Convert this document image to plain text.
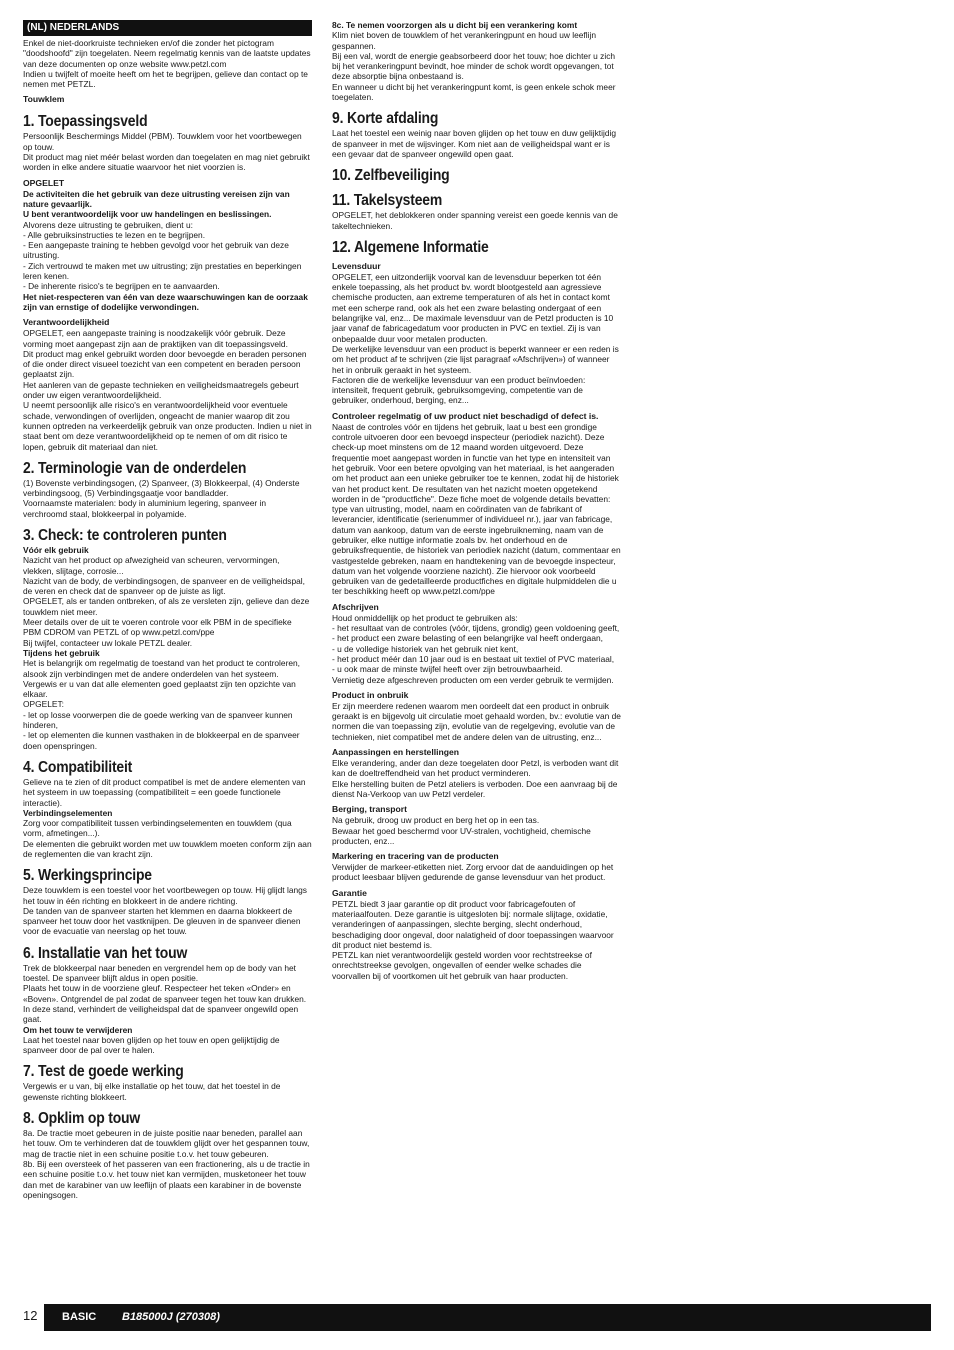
(NL) NEDERLANDS

Enkel de niet-doorkruiste technieken en/of die zonder het pictogram "doodshoofd" zijn toegelaten. Neem regelmatig kennis van de laatste updates van deze documenten op onze website www.petzl.com

Indien u twijfelt of moeite heeft om het te begrijpen, gelieve dan contact op te nemen met PETZL.

Touwklem

1. Toepassingsveld

Persoonlijk Beschermings Middel (PBM). Touwklem voor het voortbewegen op touw.

Dit product mag niet méér belast worden dan toegelaten en mag niet gebruikt worden in elke andere situatie waarvoor het niet voorzien is.

OPGELET

De activiteiten die het gebruik van deze uitrusting vereisen zijn van nature gevaarlijk.

U bent verantwoordelijk voor uw handelingen en beslissingen.

Alvorens deze uitrusting te gebruiken, dient u:

- Alle gebruiksinstructies te lezen en te begrijpen.

- Een aangepaste training te hebben gevolgd voor het gebruik van deze uitrusting.

- Zich vertrouwd te maken met uw uitrusting; zijn prestaties en beperkingen leren kenen.

- De inherente risico's te begrijpen en te aanvaarden.

Het niet-respecteren van één van deze waarschuwingen kan de oorzaak zijn van ernstige of dodelijke verwondingen.

Verantwoordelijkheid

OPGELET, een aangepaste training is noodzakelijk vóór gebruik. Deze vorming moet aangepast zijn aan de praktijken van dit toepassingsveld.

Dit product mag enkel gebruikt worden door bevoegde en beraden personen of die onder direct visueel toezicht van een competent en beraden persoon geplaatst zijn.

Het aanleren van de gepaste technieken en veiligheidsmaatregels gebeurt onder uw eigen verantwoordelijkheid.

U neemt persoonlijk alle risico's en verantwoordelijkheid voor eventuele schade, verwondingen of overlijden, ongeacht de manier waarop dit zou kunnen optreden na verkeerdelijk gebruik van onze producten. Indien u niet in staat bent om deze verantwoordelijkheid op te nemen of om dit risico te lopen, gebruik dit materiaal dan niet.

2. Terminologie van de onderdelen

(1) Bovenste verbindingsogen, (2) Spanveer, (3) Blokkeerpal, (4) Onderste verbindingsoog, (5) Verbindingsgaatje voor bandladder.

Voornaamste materialen: body in aluminium legering, spanveer in verchroomd staal, blokkeerpal in polyamide.

3. Check: te controleren punten

Vóór elk gebruik

Nazicht van het product op afwezigheid van scheuren, vervormingen, vlekken, slijtage, corrosie...

Nazicht van de body, de verbindingsogen, de spanveer en de veiligheidspal, de veren en check dat de spanveer op de juiste as ligt.

OPGELET, als er tanden ontbreken, of als ze versleten zijn, gelieve dan deze touwklem niet meer.

Meer details over de uit te voeren controle voor elk PBM in de specifieke PBM CDROM van PETZL of op www.petzl.com/ppe

Bij twijfel, contacteer uw lokale PETZL dealer.

Tijdens het gebruik

Het is belangrijk om regelmatig de toestand van het product te controleren, alsook zijn verbindingen met de andere onderdelen van het systeem. Vergewis er u van dat alle elementen goed geplaatst zijn ten opzichte van elkaar.

OPGELET:

- let op losse voorwerpen die de goede werking van de spanveer kunnen hinderen,

- let op elementen die kunnen vasthaken in de blokkeerpal en de spanveer doen openspringen.

4. Compatibiliteit

Gelieve na te zien of dit product compatibel is met de andere elementen van het systeem in uw toepassing (compatibiliteit = een goede functionele interactie).

Verbindingselementen

Zorg voor compatibiliteit tussen verbindingselementen en touwklem (qua vorm, afmetingen...).

De elementen die gebruikt worden met uw touwklem moeten conform zijn aan de reglementen die van kracht zijn.

5. Werkingsprincipe

Deze touwklem is een toestel voor het voortbewegen op touw. Hij glijdt langs het touw in één richting en blokkeert in de andere richting.

De tanden van de spanveer starten het klemmen en daarna blokkeert de spanveer het touw door het vastknijpen. De gleuven in de spanveer dienen voor de evacuatie van neerslag op het touw.

6. Installatie van het touw

Trek de blokkeerpal naar beneden en vergrendel hem op de body van het toestel. De spanveer blijft aldus in open positie.

Plaats het touw in de voorziene gleuf. Respecteer het teken «Onder» en «Boven». Ontgrendel de pal zodat de spanveer tegen het touw kan drukken. In deze stand, verhindert de veiligheidspal dat de spanveer ongewild open gaat.

Om het touw te verwijderen

Laat het toestel naar boven glijden op het touw en open gelijktijdig de spanveer door de pal over te halen.

7. Test de goede werking

Vergewis er u van, bij elke installatie op het touw, dat het toestel in de gewenste richting blokkeert.

8. Opklim op touw

8a. De tractie moet gebeuren in de juiste positie naar beneden, parallel aan het touw. Om te verhinderen dat de touwklem glijdt over het gespannen touw, mag de tractie niet in een schuine positie t.o.v. het touw gebeuren.

8b. Bij een oversteek of het passeren van een fractionering, als u de tractie in een schuine positie t.o.v. het touw niet kan vermijden, musketoneer het touw dan met de karabiner van uw leeflijn of plaats een karabiner in de bovenste openingsogen.

8c. Te nemen voorzorgen als u dicht bij een verankering komt

Klim niet boven de touwklem of het verankeringpunt en houd uw leeflijn gespannen.

Bij een val, wordt de energie geabsorbeerd door het touw; hoe dichter u zich bij het verankeringpunt bevindt, hoe minder de schok wordt opgevangen, tot deze absorptie bijna onbestaand is.

En wanneer u dicht bij het verankeringpunt komt, is geen enkele schok meer toegelaten.

9. Korte afdaling

Laat het toestel een weinig naar boven glijden op het touw en duw gelijktijdig de spanveer in met de wijsvinger. Kom niet aan de veiligheidspal want er is een gevaar dat de spanveer ongewild open gaat.

10. Zelfbeveiliging
11. Takelsysteem

OPGELET, het deblokkeren onder spanning vereist een goede kennis van de takeltechnieken.

12. Algemene Informatie

Levensduur

OPGELET, een uitzonderlijk voorval kan de levensduur beperken tot één enkele toepassing, als het product bv. wordt blootgesteld aan agressieve chemische producten, aan extreme temperaturen of als het in contact komt met een scherpe rand, ook als het een zware belasting ondergaat of een belangrijke val, enz... De maximale levensduur van de Petzl producten is 10 jaar vanaf de fabricagedatum voor producten in PVC en textiel. Zij is van onbepaalde duur voor metalen producten.

De werkelijke levensduur van een product is beperkt wanneer er een reden is om het product af te schrijven (zie lijst paragraaf «Afschrijven») of wanneer het in onbruik geraakt in het systeem.

Factoren die de werkelijke levensduur van een product beïnvloeden: intensiteit, frequent gebruik, gebruiksomgeving, competentie van de gebruiker, onderhoud, berging, enz...

Controleer regelmatig of uw product niet beschadigd of defect is.

Naast de controles vóór en tijdens het gebruik, laat u best een grondige controle uitvoeren door een bevoegd inspecteur (periodiek nazicht). Deze check-up moet minstens om de 12 maand worden uitgevoerd. Deze frequentie moet aangepast worden in functie van het type en intensiteit van het gebruik. Voor een betere opvolging van het materiaal, is het aangeraden om het product aan een unieke gebruiker toe te kennen, zodat hij de historiek van het product kent. De resultaten van het nazicht moeten opgetekend worden in de "productfiche". Deze fiche moet de volgende details bevatten: type van uitrusting, model, naam en coördinaten van de fabrikant of leverancier, identificatie (serienummer of individueel nr.), jaar van fabricage, datum van aankoop, datum van de eerste ingebruikneming, naam van de gebruiker, elke nuttige informatie zoals bv. het onderhoud en de gebruiksfrequentie, de historiek van periodiek nazicht (datum, commentaar en vastgestelde gebreken, naam en handtekening van de bevoegde inspecteur, datum van het volgende voorziene nazicht). Zie hiervoor ook voorbeeld gebruiken van de gedetailleerde productfiches en digitale hulpmiddelen die u ter beschikking heeft op www.petzl.com/ppe

Afschrijven

Houd onmiddellijk op het product te gebruiken als:

- het resultaat van de controles (vóór, tijdens, grondig) geen voldoening geeft,

- het product een zware belasting of een belangrijke val heeft ondergaan,

- u de volledige historiek van het gebruik niet kent,

- het product méér dan 10 jaar oud is en bestaat uit textiel of PVC materiaal,

- u ook maar de minste twijfel heeft over zijn betrouwbaarheid.

Vernietig deze afgeschreven producten om een verder gebruik te vermijden.

Product in onbruik

Er zijn meerdere redenen waarom men oordeelt dat een product in onbruik geraakt is en bijgevolg uit circulatie moet gehaald worden, bv.: evolutie van de normen die van toepassing zijn, evolutie van de regelgeving, evolutie van de technieken, niet compatibel met de andere delen van de uitrusting, enz...

Aanpassingen en herstellingen

Elke verandering, ander dan deze toegelaten door Petzl, is verboden want dit kan de doeltreffendheid van het product verminderen.

Elke herstelling buiten de Petzl ateliers is verboden. Doe een aanvraag bij de dienst Na-Verkoop van uw Petzl verdeler.

Berging, transport

Na gebruik, droog uw product en berg het op in een tas.

Bewaar het goed beschermd voor UV-stralen, vochtigheid, chemische producten, enz...

Markering en tracering van de producten

Verwijder de markeer-etiketten niet. Zorg ervoor dat de aanduidingen op het product leesbaar blijven gedurende de ganse levensduur van het product.

Garantie

PETZL biedt 3 jaar garantie op dit product voor fabricagefouten of materiaalfouten. Deze garantie is uitgesloten bij: normale slijtage, oxidatie, veranderingen of aanpassingen, slechte berging, slecht onderhoud, beschadiging door ongeval, door nalatigheid of door toepassingen waarvoor dit product niet bestemd is.

PETZL kan niet verantwoordelijk gesteld worden voor rechtstreekse of onrechtstreekse gevolgen, ongevallen of eender welke schades die voorvallen bij of voortkomen uit het gebruik van haar producten.

12 BASIC B185000J (270308)
